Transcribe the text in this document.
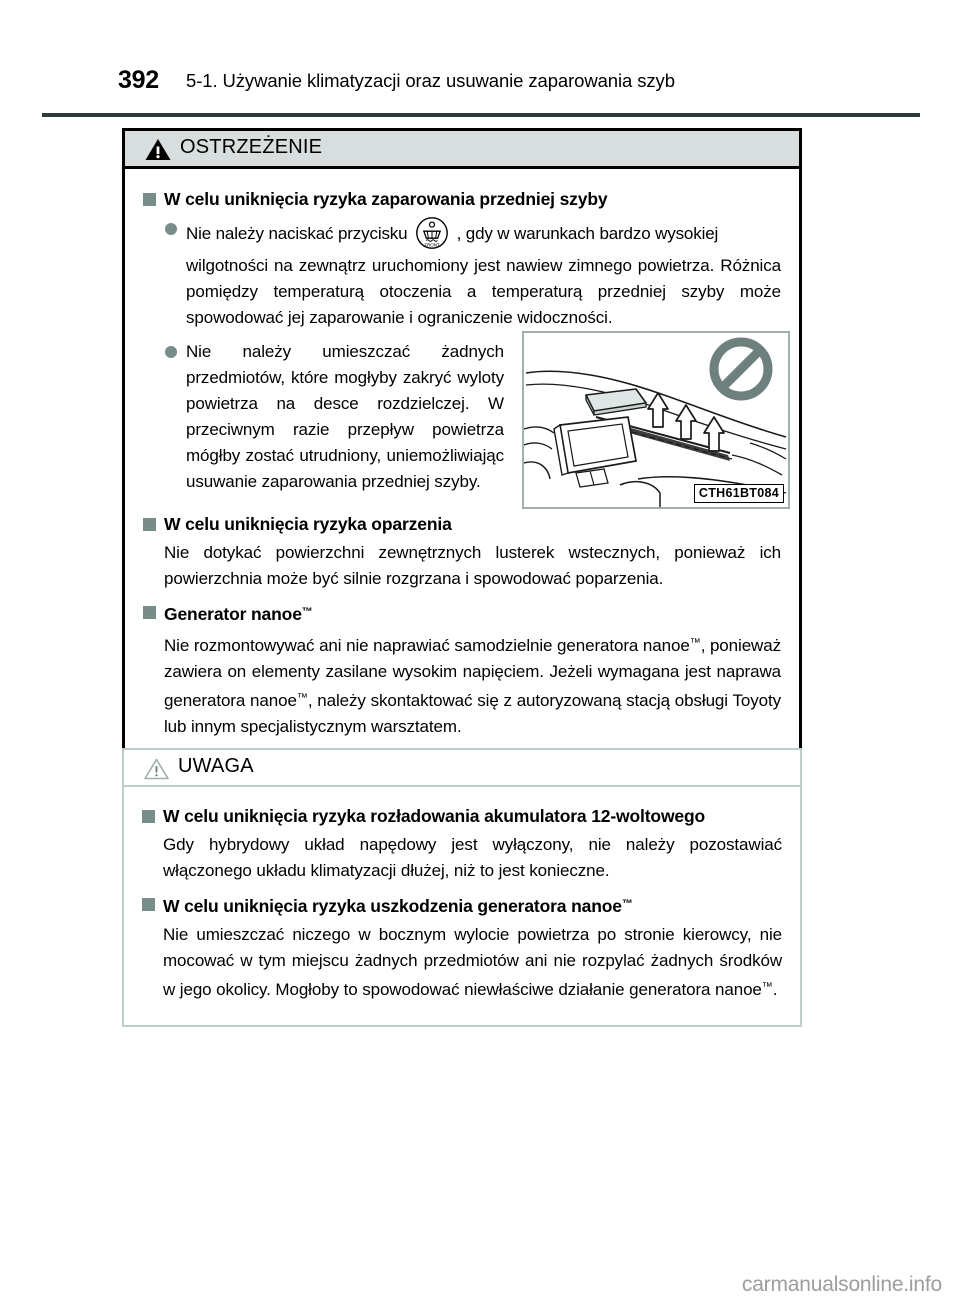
392 5-1. Używanie klimatyzacji oraz usuwanie zaparowania szyb
OSTRZEŻENIE
W celu uniknięcia ryzyka zaparowania przedniej szyby
Nie należy naciskać przycisku
FRONT
, gdy w warunkach bardzo wysokiej
wilgotności na zewnątrz uruchomiony jest nawiew zimnego powietrza. Różnica pomiędzy temperaturą otoczenia a temperaturą przedniej szyby może spowodować jej zaparowanie i ograniczenie widoczności.
Nie należy umieszczać żadnych przedmiotów, które mogłyby zakryć wyloty powietrza na desce rozdzielczej. W przeciwnym razie przepływ powietrza mógłby zostać utrudniony, uniemożliwiając usuwanie zaparowania przedniej szyby.
W celu uniknięcia ryzyka oparzenia
Nie dotykać powierzchni zewnętrznych lusterek wstecznych, ponieważ ich powierzchnia może być silnie rozgrzana i spowodować poparzenia.
Generator nanoe™
Nie rozmontowywać ani nie naprawiać samodzielnie generatora nanoe™, ponieważ zawiera on elementy zasilane wysokim napięciem. Jeżeli wymagana jest naprawa generatora nanoe™, należy skontaktować się z autoryzowaną stacją obsługi Toyoty lub innym specjalistycznym warsztatem.
CTH61BT084
UWAGA
W celu uniknięcia ryzyka rozładowania akumulatora 12-woltowego
Gdy hybrydowy układ napędowy jest wyłączony, nie należy pozostawiać włączonego układu klimatyzacji dłużej, niż to jest konieczne.
W celu uniknięcia ryzyka uszkodzenia generatora nanoe™
Nie umieszczać niczego w bocznym wylocie powietrza po stronie kierowcy, nie mocować w tym miejscu żadnych przedmiotów ani nie rozpylać żadnych środków w jego okolicy. Mogłoby to spowodować niewłaściwe działanie generatora nanoe™.
carmanualsonline.info
